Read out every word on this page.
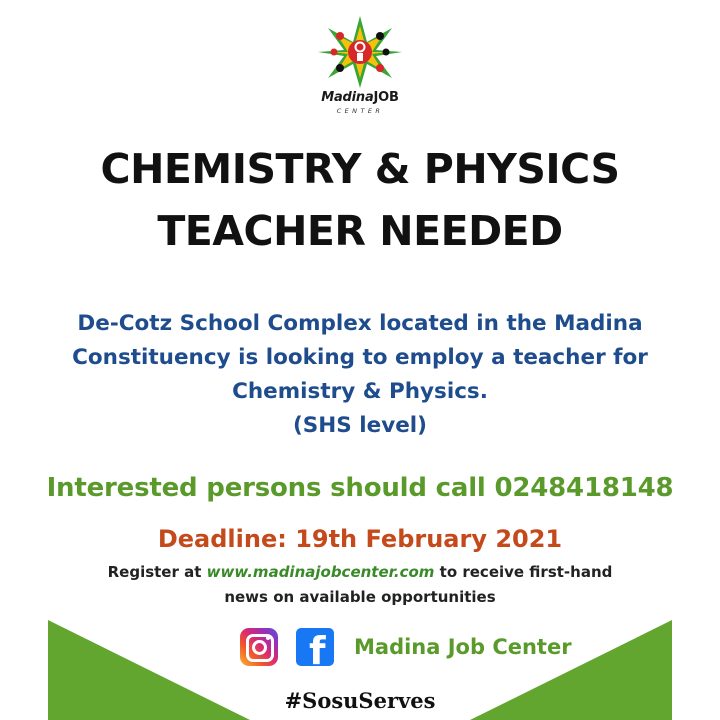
MadinaJOB
CENTER
CHEMISTRY & PHYSICS
TEACHER NEEDED
De-Cotz School Complex located in the Madina
Constituency is looking to employ a teacher for
Chemistry & Physics.
(SHS level)
Interested persons should call 0248418148
Deadline: 19th February 2021
Register at www.madinajobcenter.com to receive first-hand
news on available opportunities
f Madina Job Center
#SosuServes
